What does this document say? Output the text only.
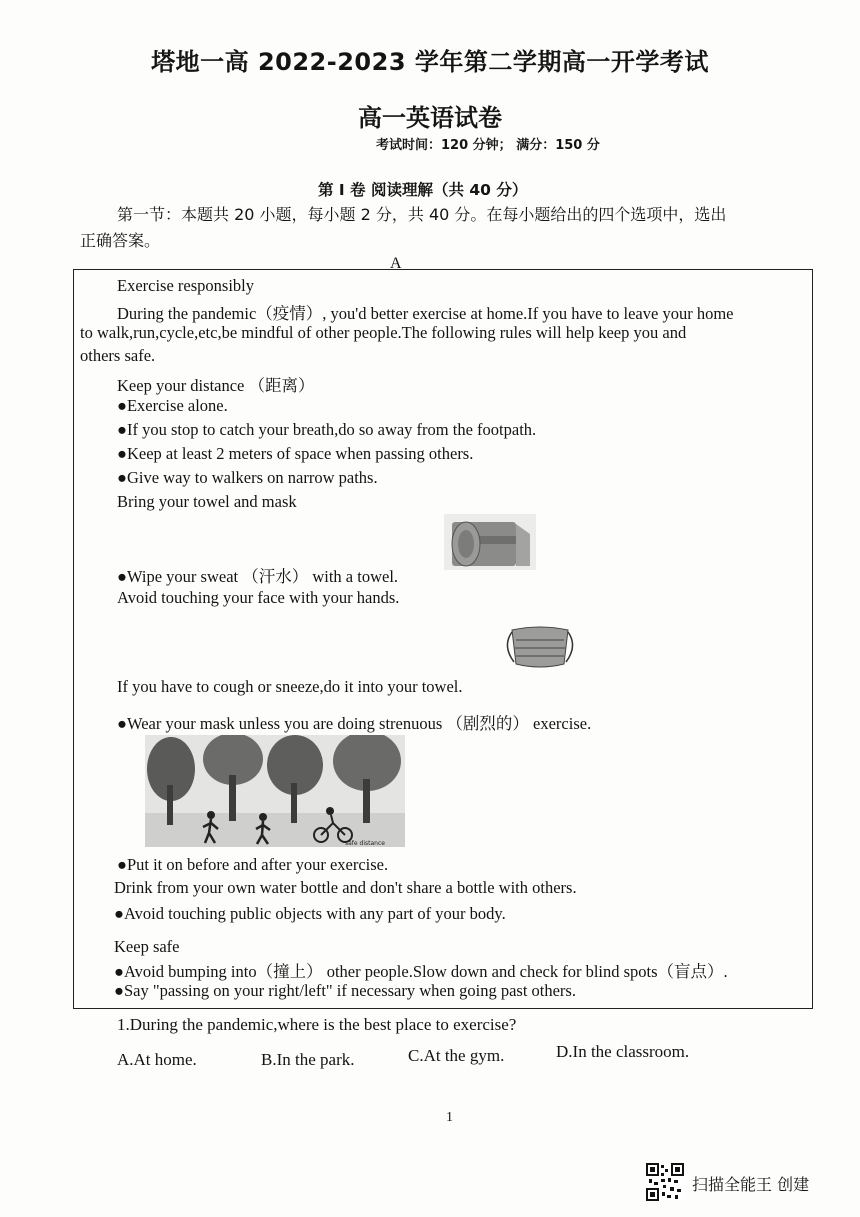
塔地一高 2022-2023 学年第二学期高一开学考试
高一英语试卷
考试时间：120 分钟； 满分：150 分
第 I 卷 阅读理解（共 40 分）
第一节：本题共 20 小题，每小题 2 分，共 40 分。在每小题给出的四个选项中，选出
正确答案。
A
Exercise responsibly
During the pandemic（疫情）, you'd better exercise at home.If you have to leave your home
to walk,run,cycle,etc,be mindful of other people.The following rules will help keep you and
others safe.
Keep your distance （距离）
●Exercise alone.
●If you stop to catch your breath,do so away from the footpath.
●Keep at least 2 meters of space when passing others.
●Give way to walkers on narrow paths.
Bring your towel and mask
●Wipe your sweat （汗水） with a towel.
Avoid touching your face with your hands.
If you have to cough or sneeze,do it into your towel.
●Wear your mask unless you are doing strenuous （剧烈的） exercise.
safe distance
●Put it on before and after your exercise.
Drink from your own water bottle and don't share a bottle with others.
●Avoid touching public objects with any part of your body.
Keep safe
●Avoid bumping into（撞上） other people.Slow down and check for blind spots（盲点）.
●Say "passing on your right/left" if necessary when going past others.
1.During the pandemic,where is the best place to exercise?
A.At home.	B.In the park.	C.At the gym.	D.In the classroom.
1
扫描全能王 创建
